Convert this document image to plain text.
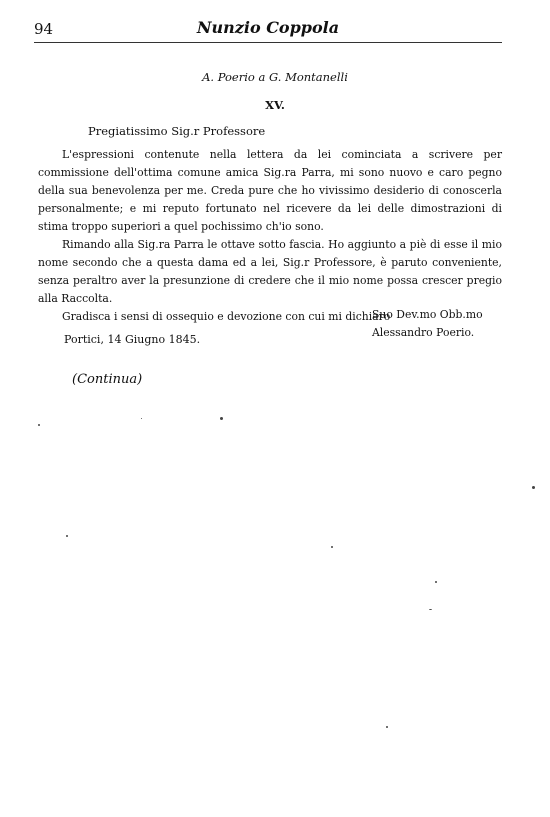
94	Nunzio Coppola
A. Poerio a G. Montanelli
XV.
Pregiatissimo Sig.r Professore

L'espressioni contenute nella lettera da lei cominciata a scrivere per commissione dell'ottima comune amica Sig.ra Parra, mi sono nuovo e caro pegno della sua benevolenza per me. Creda pure che ho vivissimo desiderio di conoscerla personalmente; e mi reputo fortunato nel ricevere da lei delle dimostrazioni di stima troppo superiori a quel pochissimo ch'io sono.

Rimando alla Sig.ra Parra le ottave sotto fascia. Ho aggiunto a piè di esse il mio nome secondo che a questa dama ed a lei, Sig.r Professore, è paruto conveniente, senza peraltro aver la presunzione di credere che il mio nome possa crescer pregio alla Raccolta.

Gradisca i sensi di ossequio e devozione con cui mi dichiaro

Suo Dev.mo Obb.mo
Alessandro Poerio.
Portici, 14 Giugno 1845.
(Continua)
